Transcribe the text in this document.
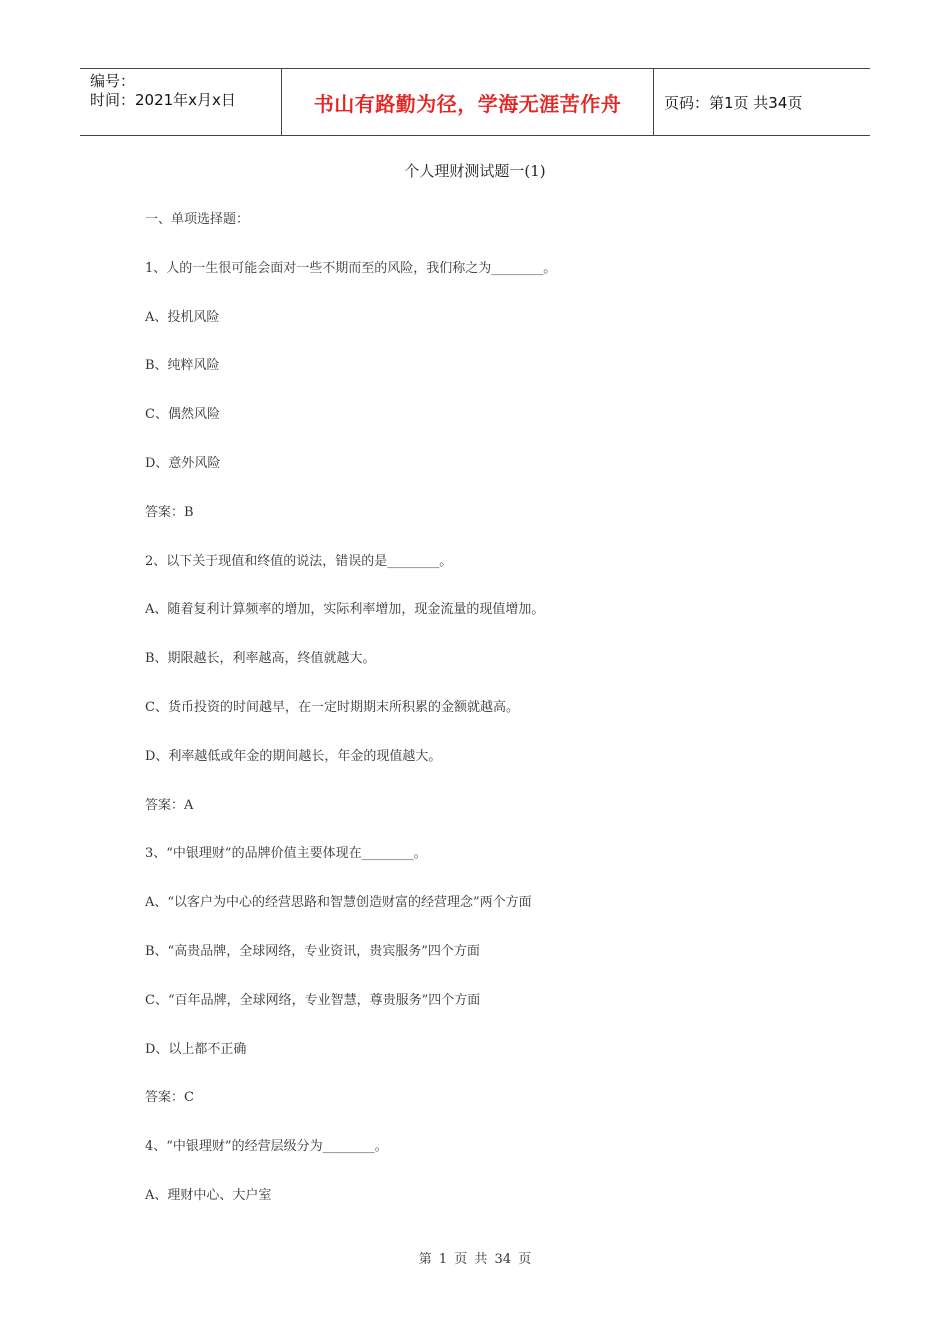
编号：
时间：2021年x月x日	书山有路勤为径，学海无涯苦作舟	页码：第1页 共34页
个人理财测试题一(1)
一、单项选择题：
1、人的一生很可能会面对一些不期而至的风险，我们称之为________。
A、投机风险
B、纯粹风险
C、偶然风险
D、意外风险
答案：B
2、以下关于现值和终值的说法，错误的是________。
A、随着复利计算频率的增加，实际利率增加，现金流量的现值增加。
B、期限越长，利率越高，终值就越大。
C、货币投资的时间越早，在一定时期期末所积累的金额就越高。
D、利率越低或年金的期间越长，年金的现值越大。
答案：A
3、“中银理财”的品牌价值主要体现在________。
A、“以客户为中心的经营思路和智慧创造财富的经营理念”两个方面
B、“高贵品牌，全球网络，专业资讯，贵宾服务”四个方面
C、“百年品牌，全球网络，专业智慧，尊贵服务”四个方面
D、以上都不正确
答案：C
4、“中银理财”的经营层级分为________。
A、理财中心、大户室
第 1 页 共 34 页
